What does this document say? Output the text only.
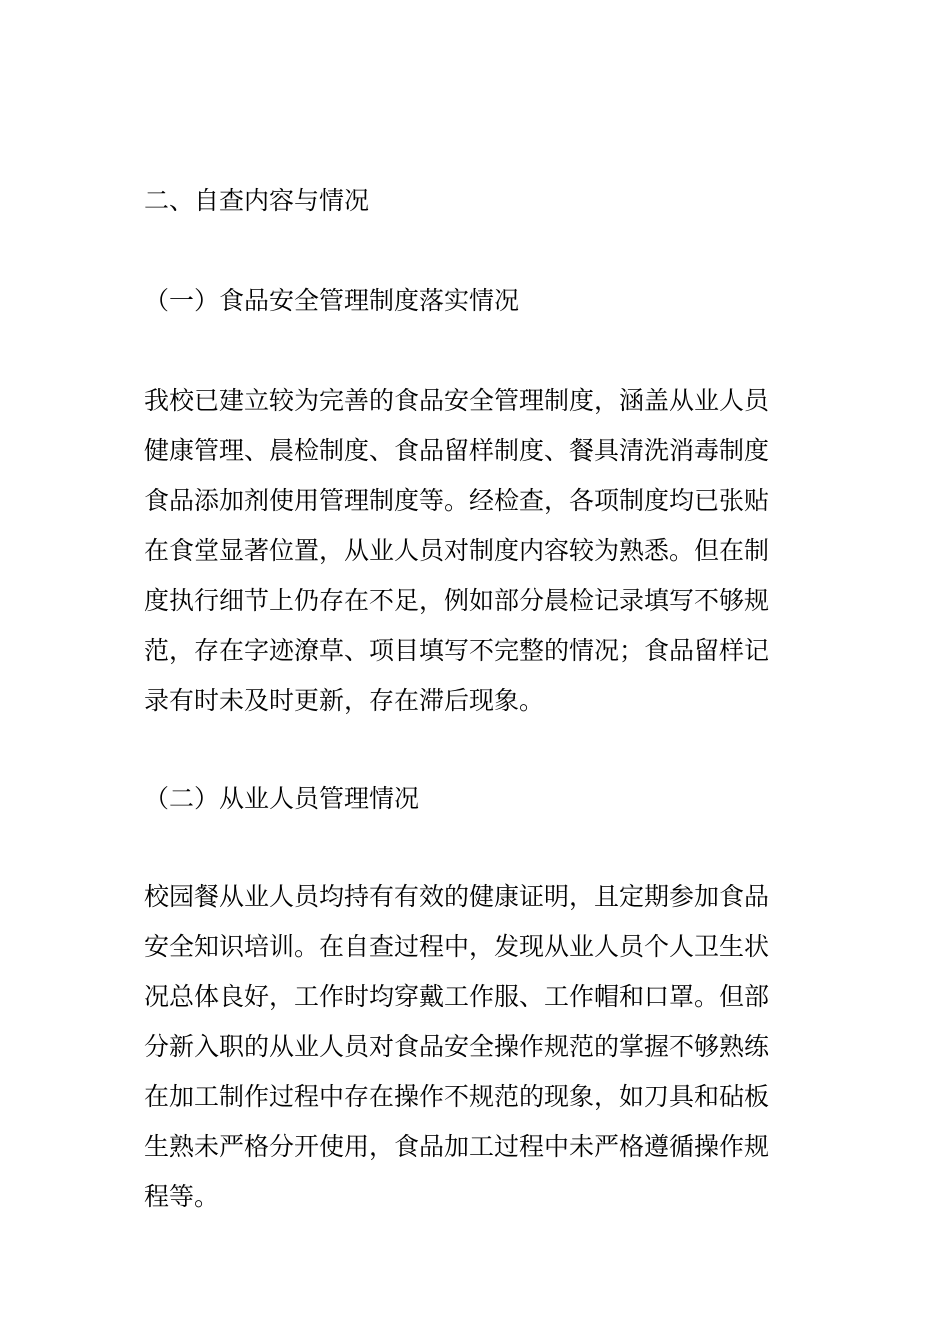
二、自查内容与情况

（一）食品安全管理制度落实情况

我校已建立较为完善的食品安全管理制度，涵盖从业人员
健康管理、晨检制度、食品留样制度、餐具清洗消毒制度
食品添加剂使用管理制度等。经检查，各项制度均已张贴
在食堂显著位置，从业人员对制度内容较为熟悉。但在制
度执行细节上仍存在不足，例如部分晨检记录填写不够规
范，存在字迹潦草、项目填写不完整的情况；食品留样记
录有时未及时更新，存在滞后现象。

（二）从业人员管理情况

校园餐从业人员均持有有效的健康证明，且定期参加食品
安全知识培训。在自查过程中，发现从业人员个人卫生状
况总体良好，工作时均穿戴工作服、工作帽和口罩。但部
分新入职的从业人员对食品安全操作规范的掌握不够熟练
在加工制作过程中存在操作不规范的现象，如刀具和砧板
生熟未严格分开使用，食品加工过程中未严格遵循操作规
程等。
